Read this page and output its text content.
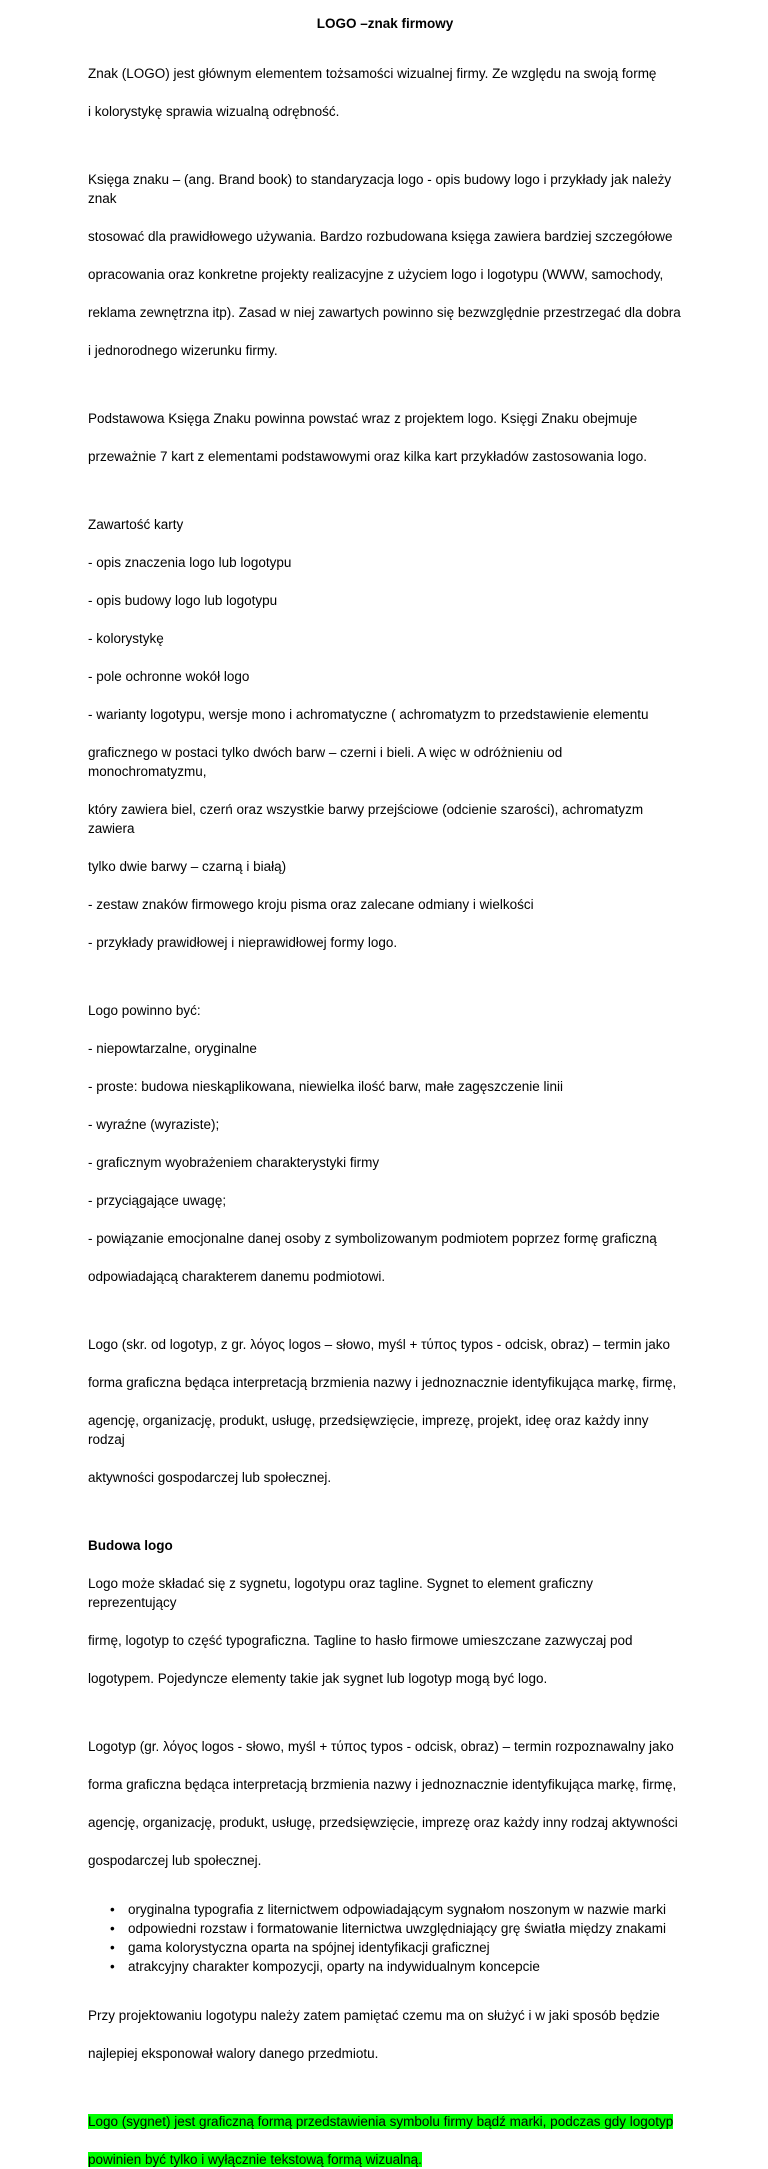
LOGO –znak firmowy

Znak (LOGO) jest głównym elementem tożsamości wizualnej firmy. Ze względu na swoją formę

i kolorystykę sprawia wizualną odrębność.

Księga znaku – (ang. Brand book) to standaryzacja logo - opis budowy logo i przykłady jak należy znak

stosować dla prawidłowego używania. Bardzo rozbudowana księga zawiera bardziej szczegółowe

opracowania oraz konkretne projekty realizacyjne z użyciem logo i logotypu (WWW, samochody,

reklama zewnętrzna itp). Zasad w niej zawartych powinno się bezwzględnie przestrzegać dla dobra

i jednorodnego wizerunku firmy.

Podstawowa Księga Znaku powinna powstać wraz z projektem logo. Księgi Znaku obejmuje

przeważnie 7 kart z elementami podstawowymi oraz kilka kart przykładów zastosowania logo.

Zawartość karty

- opis znaczenia logo lub logotypu

- opis budowy logo lub logotypu

- kolorystykę

- pole ochronne wokół logo

- warianty logotypu, wersje mono i achromatyczne ( achromatyzm to przedstawienie elementu

graficznego w postaci tylko dwóch barw – czerni i bieli. A więc w odróżnieniu od monochromatyzmu,

który zawiera biel, czerń oraz wszystkie barwy przejściowe (odcienie szarości), achromatyzm zawiera

tylko dwie barwy – czarną i białą)

- zestaw znaków firmowego kroju pisma oraz zalecane odmiany i wielkości

- przykłady prawidłowej i nieprawidłowej formy logo.

Logo powinno być:

- niepowtarzalne, oryginalne

- proste: budowa nieskąplikowana, niewielka ilość barw, małe zagęszczenie linii

- wyraźne (wyraziste);

- graficznym wyobrażeniem charakterystyki firmy

- przyciągające uwagę;

- powiązanie emocjonalne danej osoby z symbolizowanym podmiotem poprzez formę graficzną

odpowiadającą charakterem danemu podmiotowi.

Logo (skr. od logotyp, z gr. λόγος logos – słowo, myśl + τύπος typos - odcisk, obraz) – termin jako

forma graficzna będąca interpretacją brzmienia nazwy i jednoznacznie identyfikująca markę, firmę,

agencję, organizację, produkt, usługę, przedsięwzięcie, imprezę, projekt, ideę oraz każdy inny rodzaj

aktywności gospodarczej lub społecznej.

Budowa logo

Logo może składać się z sygnetu, logotypu oraz tagline. Sygnet to element graficzny reprezentujący

firmę, logotyp to część typograficzna. Tagline to hasło firmowe umieszczane zazwyczaj pod

logotypem. Pojedyncze elementy takie jak sygnet lub logotyp mogą być logo.

Logotyp (gr. λόγος logos - słowo, myśl + τύπος typos - odcisk, obraz) – termin rozpoznawalny jako

forma graficzna będąca interpretacją brzmienia nazwy i jednoznacznie identyfikująca markę, firmę,

agencję, organizację, produkt, usługę, przedsięwzięcie, imprezę oraz każdy inny rodzaj aktywności

gospodarczej lub społecznej.

• oryginalna typografia z liternictwem odpowiadającym sygnałom noszonym w nazwie marki
• odpowiedni rozstaw i formatowanie liternictwa uwzględniający grę światła między znakami
• gama kolorystyczna oparta na spójnej identyfikacji graficznej
• atrakcyjny charakter kompozycji, oparty na indywidualnym koncepcie

Przy projektowaniu logotypu należy zatem pamiętać czemu ma on służyć i w jaki sposób będzie

najlepiej eksponował walory danego przedmiotu.

Logo (sygnet) jest graficzną formą przedstawienia symbolu firmy bądź marki, podczas gdy logotyp

powinien być tylko i wyłącznie tekstową formą wizualną.
